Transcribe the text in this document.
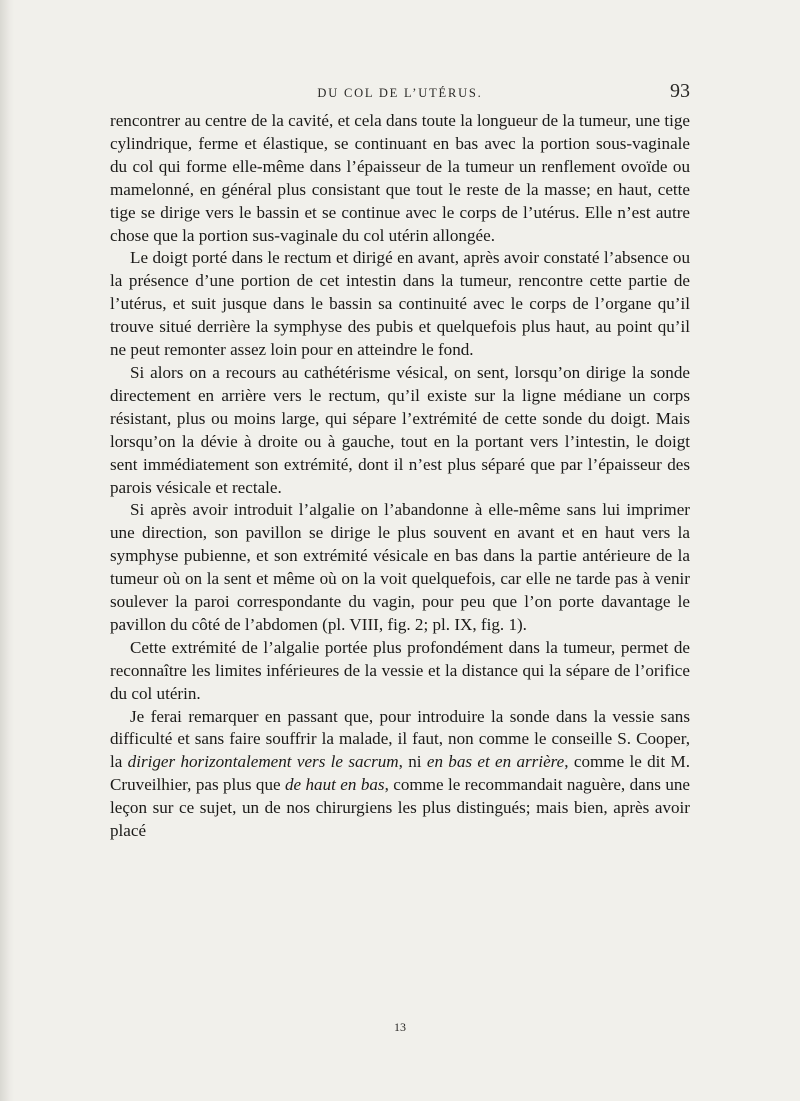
DU COL DE L’UTÉRUS.	93

rencontrer au centre de la cavité, et cela dans toute la longueur de la tumeur, une tige cylindrique, ferme et élastique, se continuant en bas avec la portion sous-vaginale du col qui forme elle-même dans l’épaisseur de la tumeur un renflement ovoïde ou mamelonné, en général plus consistant que tout le reste de la masse; en haut, cette tige se dirige vers le bassin et se continue avec le corps de l’utérus. Elle n’est autre chose que la portion sus-vaginale du col utérin allongée.

Le doigt porté dans le rectum et dirigé en avant, après avoir constaté l’absence ou la présence d’une portion de cet intestin dans la tumeur, rencontre cette partie de l’utérus, et suit jusque dans le bassin sa continuité avec le corps de l’organe qu’il trouve situé derrière la symphyse des pubis et quelquefois plus haut, au point qu’il ne peut remonter assez loin pour en atteindre le fond.

Si alors on a recours au cathétérisme vésical, on sent, lorsqu’on dirige la sonde directement en arrière vers le rectum, qu’il existe sur la ligne médiane un corps résistant, plus ou moins large, qui sépare l’extrémité de cette sonde du doigt. Mais lorsqu’on la dévie à droite ou à gauche, tout en la portant vers l’intestin, le doigt sent immédiatement son extrémité, dont il n’est plus séparé que par l’épaisseur des parois vésicale et rectale.

Si après avoir introduit l’algalie on l’abandonne à elle-même sans lui imprimer une direction, son pavillon se dirige le plus souvent en avant et en haut vers la symphyse pubienne, et son extrémité vésicale en bas dans la partie antérieure de la tumeur où on la sent et même où on la voit quelquefois, car elle ne tarde pas à venir soulever la paroi correspondante du vagin, pour peu que l’on porte davantage le pavillon du côté de l’abdomen (pl. VIII, fig. 2; pl. IX, fig. 1).

Cette extrémité de l’algalie portée plus profondément dans la tumeur, permet de reconnaître les limites inférieures de la vessie et la distance qui la sépare de l’orifice du col utérin.

Je ferai remarquer en passant que, pour introduire la sonde dans la vessie sans difficulté et sans faire souffrir la malade, il faut, non comme le conseille S. Cooper, la diriger horizontalement vers le sacrum, ni en bas et en arrière, comme le dit M. Cruveilhier, pas plus que de haut en bas, comme le recommandait naguère, dans une leçon sur ce sujet, un de nos chirurgiens les plus distingués; mais bien, après avoir placé

13
